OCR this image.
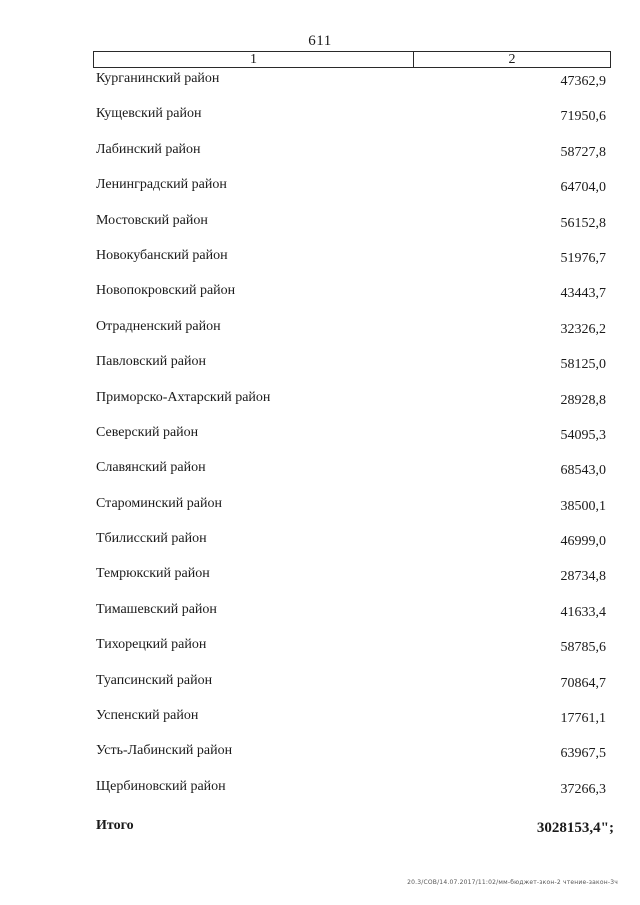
611
1	2
Курганинский район	47362,9
Кущевский район	71950,6
Лабинский район	58727,8
Ленинградский район	64704,0
Мостовский район	56152,8
Новокубанский район	51976,7
Новопокровский район	43443,7
Отрадненский район	32326,2
Павловский район	58125,0
Приморско-Ахтарский район	28928,8
Северский район	54095,3
Славянский район	68543,0
Староминский район	38500,1
Тбилисский район	46999,0
Темрюкский район	28734,8
Тимашевский район	41633,4
Тихорецкий район	58785,6
Туапсинский район	70864,7
Успенский район	17761,1
Усть-Лабинский район	63967,5
Щербиновский район	37266,3
Итого	3028153,4";
20.3/СОВ/14.07.2017/11:02/мм-бюджет-зкон-2 чтение-закон-3ч
